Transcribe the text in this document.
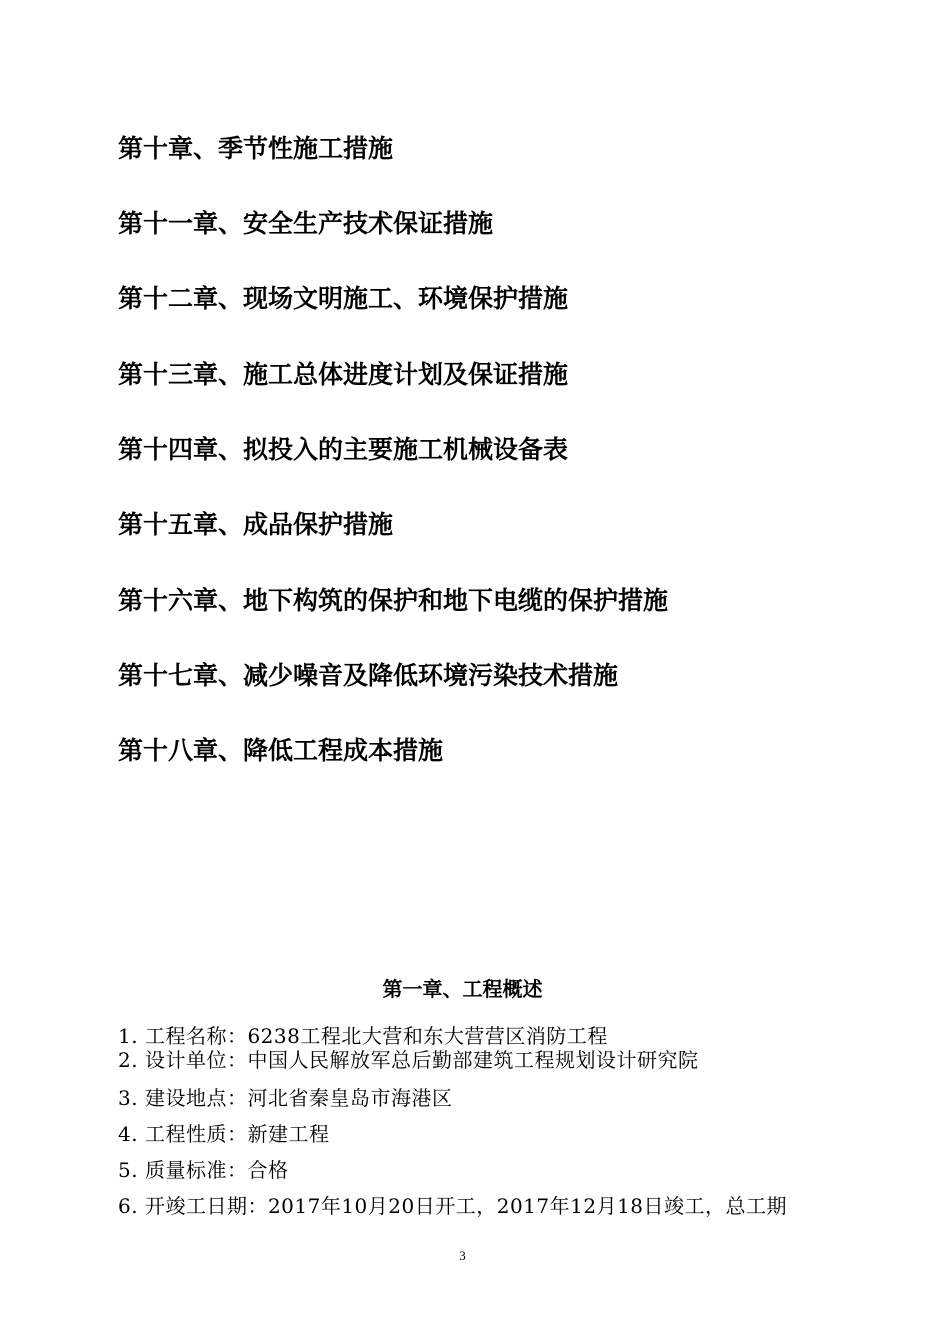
第十章、季节性施工措施
第十一章、安全生产技术保证措施
第十二章、现场文明施工、环境保护措施
第十三章、施工总体进度计划及保证措施
第十四章、拟投入的主要施工机械设备表
第十五章、成品保护措施
第十六章、地下构筑的保护和地下电缆的保护措施
第十七章、减少噪音及降低环境污染技术措施
第十八章、降低工程成本措施
第一章、工程概述
1. 工程名称：6238工程北大营和东大营营区消防工程
2. 设计单位：中国人民解放军总后勤部建筑工程规划设计研究院
3. 建设地点：河北省秦皇岛市海港区
4. 工程性质：新建工程
5. 质量标准：合格
6. 开竣工日期：2017年10月20日开工，2017年12月18日竣工，总工期
3
